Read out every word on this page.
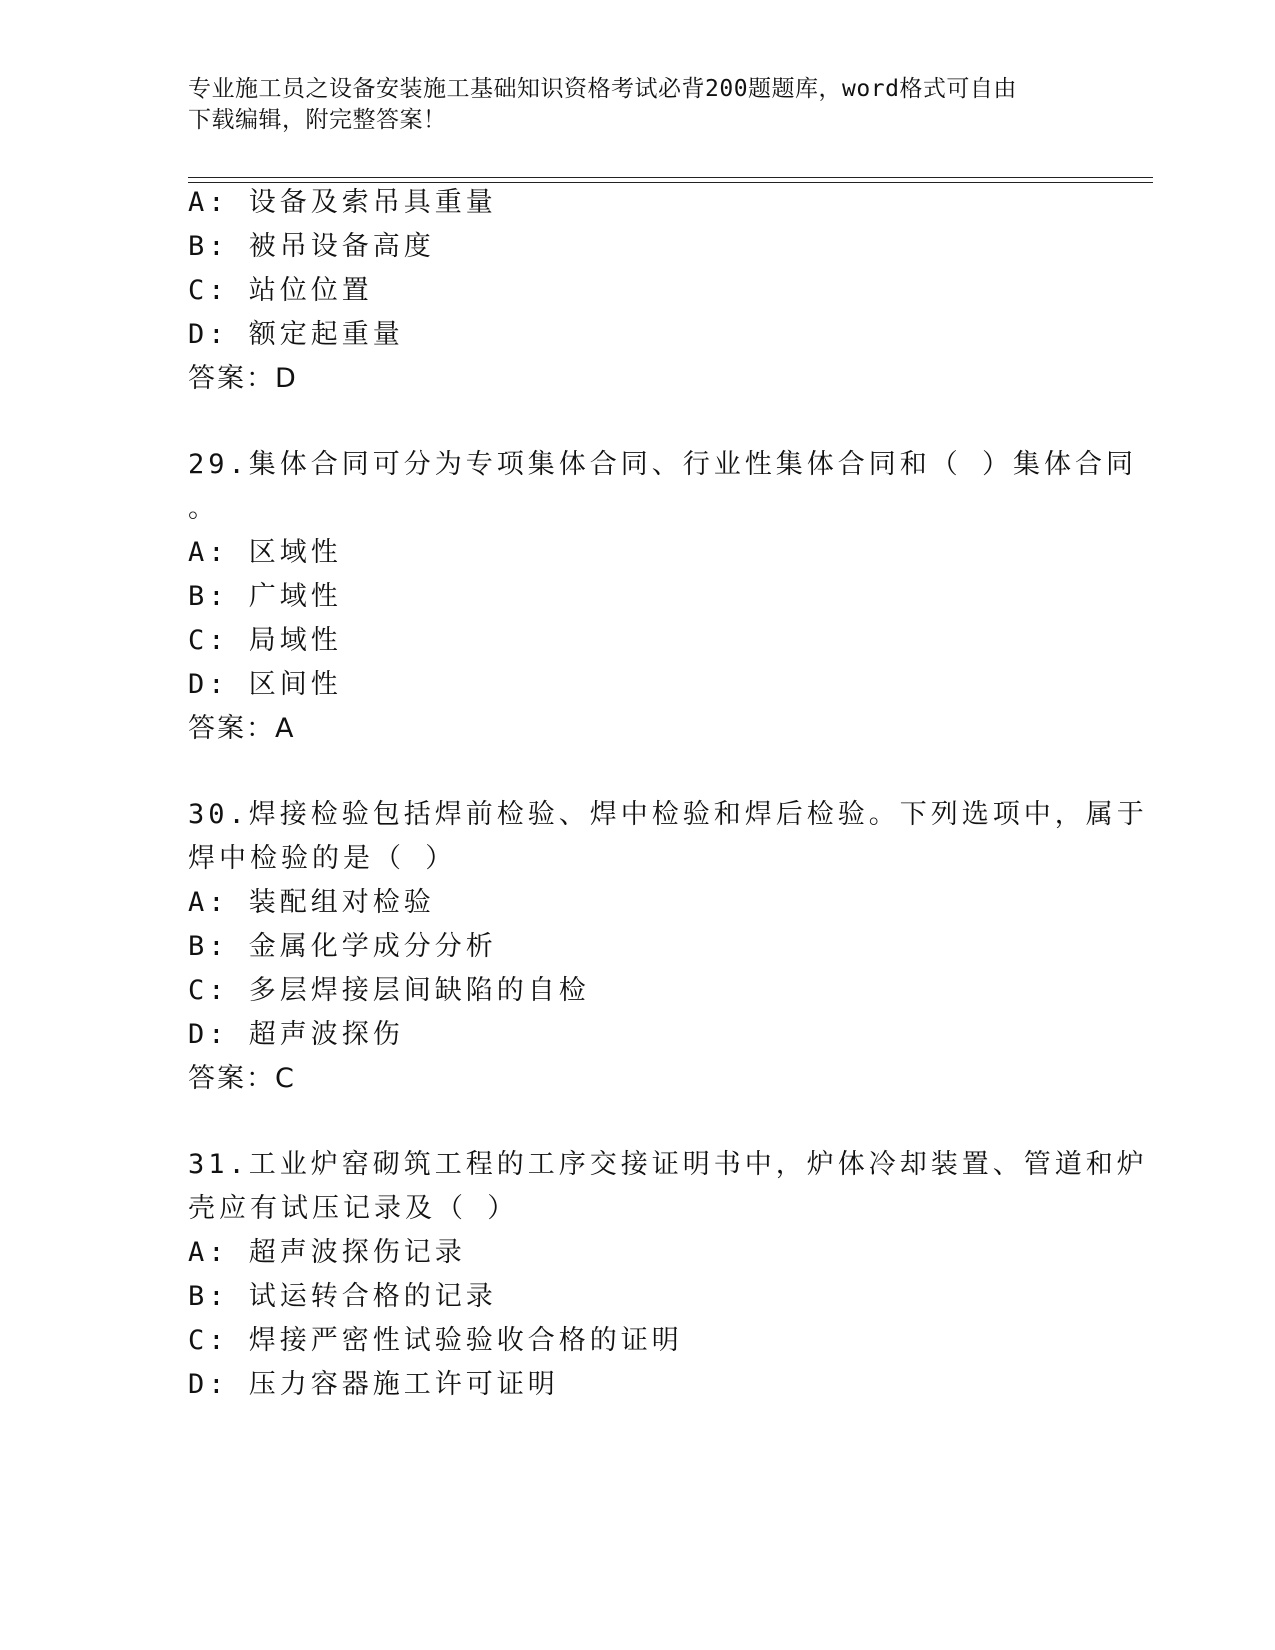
专业施工员之设备安装施工基础知识资格考试必背200题题库，word格式可自由
下载编辑，附完整答案！
A: 设备及索吊具重量
B: 被吊设备高度
C: 站位位置
D: 额定起重量
答案：D
29.集体合同可分为专项集体合同、行业性集体合同和（ ）集体合同
。
A: 区域性
B: 广域性
C: 局域性
D: 区间性
答案：A
30.焊接检验包括焊前检验、焊中检验和焊后检验。下列选项中，属于
焊中检验的是（ ）
A: 装配组对检验
B: 金属化学成分分析
C: 多层焊接层间缺陷的自检
D: 超声波探伤
答案：C
31.工业炉窑砌筑工程的工序交接证明书中，炉体冷却装置、管道和炉
壳应有试压记录及（ ）
A: 超声波探伤记录
B: 试运转合格的记录
C: 焊接严密性试验验收合格的证明
D: 压力容器施工许可证明
